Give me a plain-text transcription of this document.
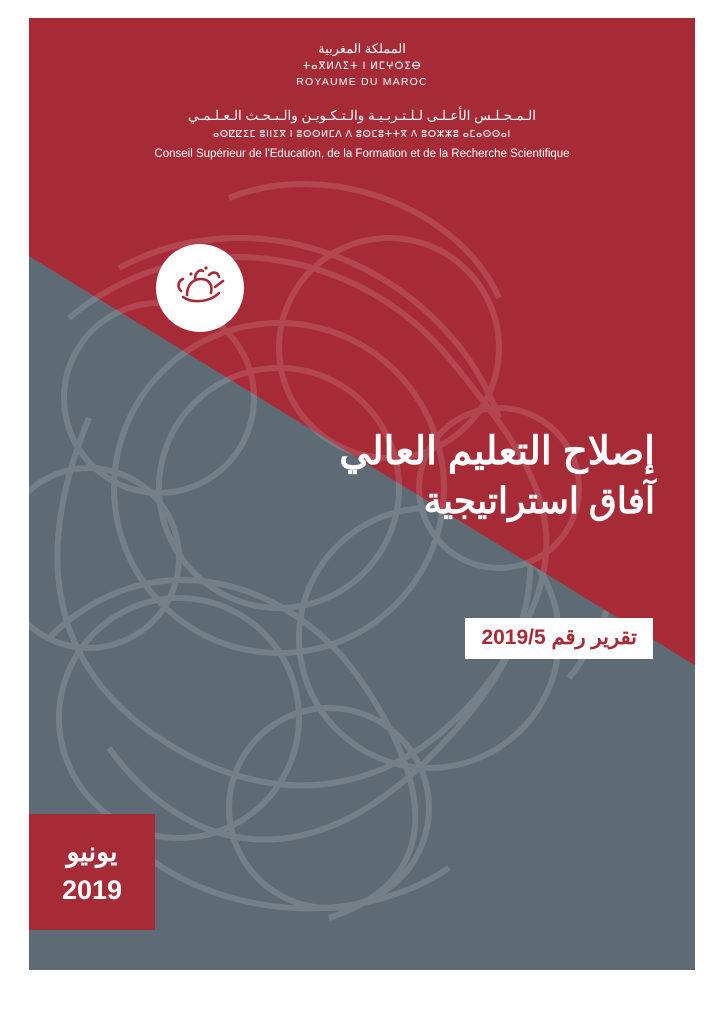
المملكة المغربية
ⵜⴰⴳⵍⴷⵉⵜ ⵏ ⵍⵎⵖⵔⵉⴱ
ROYAUME DU MAROC
الـمـجـلـس الأعـلـى لـلـتـربـيـة والـتـكـويـن والـبـحـث الـعـلـمـي
ⴰⵙⵇⵇⵉⵎ ⵓⵏⵏⵉⴳ ⵏ ⵓⵙⵙⵍⵎⴷ ⴷ ⵓⵙⵎⵓⵜⵜⴳ ⴷ ⵓⵔⵣⵣⵓ ⴰⵎⴰⵙⵙⴰⵏ
Conseil Supérieur de l'Education, de la Formation et de la Recherche Scientifique
إصلاح التعليم العالي
آفاق استراتيجية
تقرير رقم 2019/5
يونيو
2019
